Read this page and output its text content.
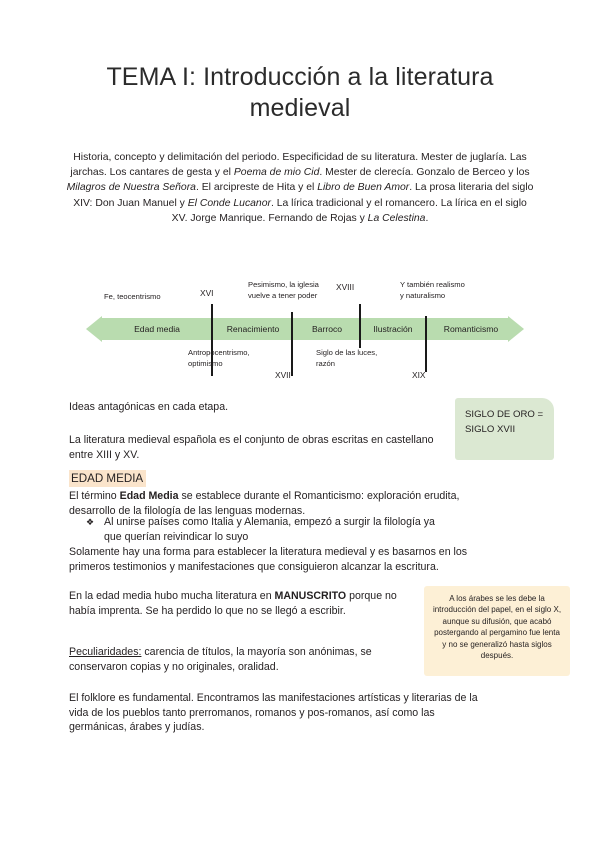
TEMA I: Introducción a la literatura medieval
Historia, concepto y delimitación del periodo. Especificidad de su literatura. Mester de juglaría. Las jarchas. Los cantares de gesta y el Poema de mio Cid. Mester de clerecía. Gonzalo de Berceo y los Milagros de Nuestra Señora. El arcipreste de Hita y el Libro de Buen Amor. La prosa literaria del siglo XIV: Don Juan Manuel y El Conde Lucanor. La lírica tradicional y el romancero. La lírica en el siglo XV. Jorge Manrique. Fernando de Rojas y La Celestina.
Edad media	Renacimiento	Barroco	Ilustración	Romanticismo
Fe, teocentrismo
Pesimismo, la iglesia vuelve a tener poder
Y también realismo y naturalismo
Antropocentrismo, optimismo
Siglo de las luces, razón
XVI
XVIII
XVII	XIX
Ideas antagónicas en cada etapa.
La literatura medieval española es el conjunto de obras escritas en castellano entre XIII y XV.
SIGLO DE ORO = SIGLO XVII
EDAD MEDIA
El término Edad Media se establece durante el Romanticismo: exploración erudita, desarrollo de la filología de las lenguas modernas.
❖ Al unirse países como Italia y Alemania, empezó a surgir la filología ya que querían reivindicar lo suyo
Solamente hay una forma para establecer la literatura medieval y es basarnos en los primeros testimonios y manifestaciones que consiguieron alcanzar la escritura.
En la edad media hubo mucha literatura en MANUSCRITO porque no había imprenta. Se ha perdido lo que no se llegó a escribir.
A los árabes se les debe la introducción del papel, en el siglo X, aunque su difusión, que acabó postergando al pergamino fue lenta y no se generalizó hasta siglos después.
Peculiaridades: carencia de títulos, la mayoría son anónimas, se conservaron copias y no originales, oralidad.
El folklore es fundamental. Encontramos las manifestaciones artísticas y literarias de la vida de los pueblos tanto prerromanos, romanos y pos-romanos, así como las germánicas, árabes y judías.
